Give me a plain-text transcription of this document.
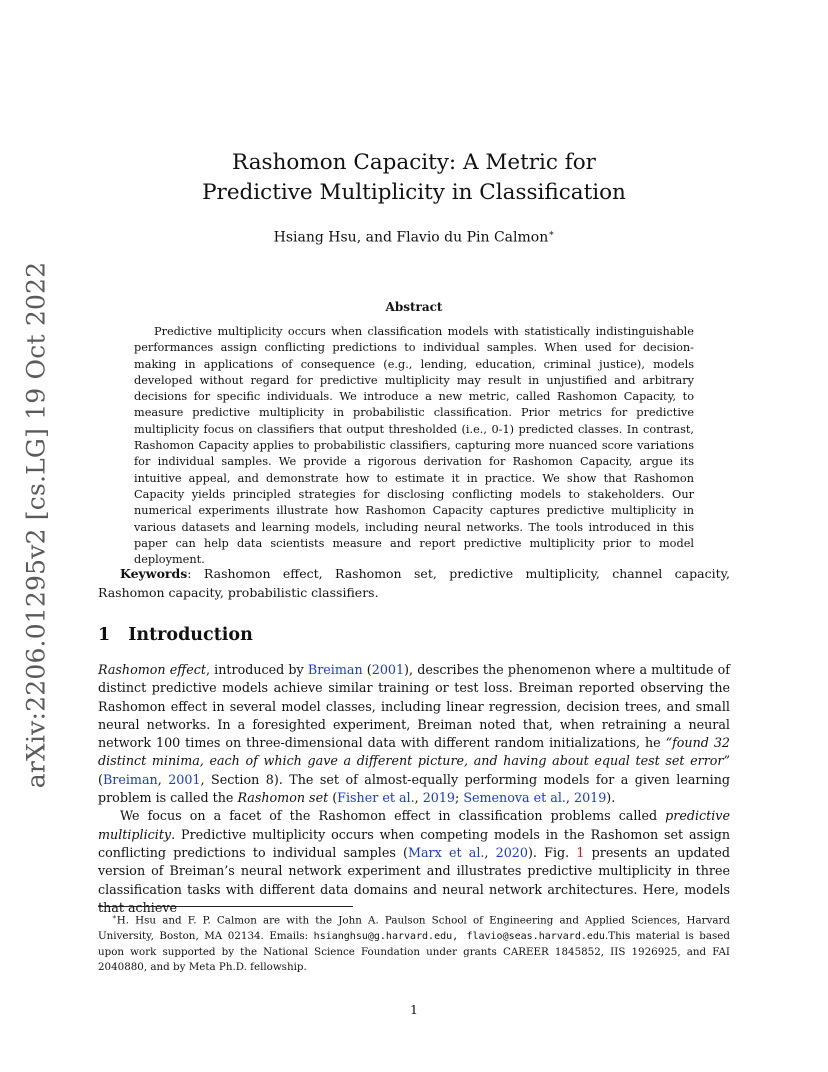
arXiv:2206.01295v2 [cs.LG] 19 Oct 2022
Rashomon Capacity: A Metric for
Predictive Multiplicity in Classification
Hsiang Hsu, and Flavio du Pin Calmon∗
Abstract
Predictive multiplicity occurs when classification models with statistically indistinguishable performances assign conflicting predictions to individual samples. When used for decision-making in applications of consequence (e.g., lending, education, criminal justice), models developed without regard for predictive multiplicity may result in unjustified and arbitrary decisions for specific individuals. We introduce a new metric, called Rashomon Capacity, to measure predictive multiplicity in probabilistic classification. Prior metrics for predictive multiplicity focus on classifiers that output thresholded (i.e., 0-1) predicted classes. In contrast, Rashomon Capacity applies to probabilistic classifiers, capturing more nuanced score variations for individual samples. We provide a rigorous derivation for Rashomon Capacity, argue its intuitive appeal, and demonstrate how to estimate it in practice. We show that Rashomon Capacity yields principled strategies for disclosing conflicting models to stakeholders. Our numerical experiments illustrate how Rashomon Capacity captures predictive multiplicity in various datasets and learning models, including neural networks. The tools introduced in this paper can help data scientists measure and report predictive multiplicity prior to model deployment.
Keywords: Rashomon effect, Rashomon set, predictive multiplicity, channel capacity, Rashomon capacity, probabilistic classifiers.
1 Introduction

Rashomon effect, introduced by Breiman (2001), describes the phenomenon where a multitude of distinct predictive models achieve similar training or test loss. Breiman reported observing the Rashomon effect in several model classes, including linear regression, decision trees, and small neural networks. In a foresighted experiment, Breiman noted that, when retraining a neural network 100 times on three-dimensional data with different random initializations, he “found 32 distinct minima, each of which gave a different picture, and having about equal test set error” (Breiman, 2001, Section 8). The set of almost-equally performing models for a given learning problem is called the Rashomon set (Fisher et al., 2019; Semenova et al., 2019).

We focus on a facet of the Rashomon effect in classification problems called predictive multiplicity. Predictive multiplicity occurs when competing models in the Rashomon set assign conflicting predictions to individual samples (Marx et al., 2020). Fig. 1 presents an updated version of Breiman’s neural network experiment and illustrates predictive multiplicity in three classification tasks with different data domains and neural network architectures. Here, models that achieve

∗H. Hsu and F. P. Calmon are with the John A. Paulson School of Engineering and Applied Sciences, Harvard University, Boston, MA 02134. Emails: hsianghsu@g.harvard.edu, flavio@seas.harvard.edu.This material is based upon work supported by the National Science Foundation under grants CAREER 1845852, IIS 1926925, and FAI 2040880, and by Meta Ph.D. fellowship.
1
